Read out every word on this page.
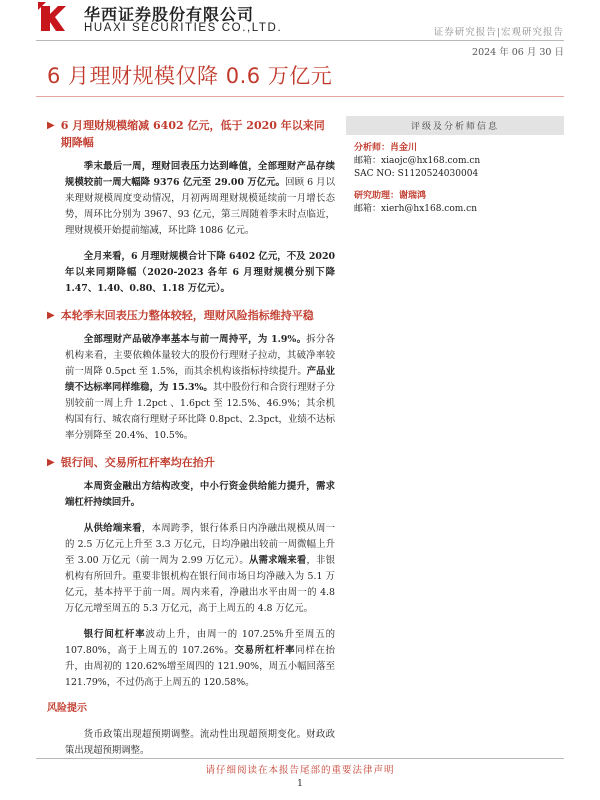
华西证券股份有限公司
HUAXI SECURITIES CO.,LTD.	证券研究报告|宏观研究报告
2024 年 06 月 30 日
6 月理财规模仅降 0.6 万亿元
▶ 6 月理财规模缩减 6402 亿元，低于 2020 年以来同期降幅

季末最后一周，理财回表压力达到峰值，全部理财产品存续规模较前一周大幅降 9376 亿元至 29.00 万亿元。回顾 6 月以来理财规模周度变动情况，月初两周理财规模延续前一月增长态势，周环比分别为 3967、93 亿元，第三周随着季末时点临近，理财规模开始提前缩减，环比降 1086 亿元。

全月来看，6 月理财规模合计下降 6402 亿元，不及 2020 年以来同期降幅（2020-2023 各年 6 月理财规模分别下降 1.47、1.40、0.80、1.18 万亿元）。

▶ 本轮季末回表压力整体较轻，理财风险指标维持平稳

全部理财产品破净率基本与前一周持平，为 1.9%。拆分各机构来看，主要依赖体量较大的股份行理财子拉动，其破净率较前一周降 0.5pct 至 1.5%，而其余机构该指标持续提升。产品业绩不达标率同样维稳，为 15.3%。其中股份行和合资行理财子分别较前一周上升 1.2pct 、1.6pct 至 12.5%、46.9%；其余机构国有行、城农商行理财子环比降 0.8pct、2.3pct，业绩不达标率分别降至 20.4%、10.5%。

▶ 银行间、交易所杠杆率均在抬升

本周资金融出方结构改变，中小行资金供给能力提升，需求端杠杆持续回升。

从供给端来看，本周跨季，银行体系日内净融出规模从周一的 2.5 万亿元上升至 3.3 万亿元，日均净融出较前一周微幅上升至 3.00 万亿元（前一周为 2.99 万亿元）。从需求端来看，非银机构有所回升。重要非银机构在银行间市场日均净融入为 5.1 万亿元，基本持平于前一周。周内来看，净融出水平由周一的 4.8 万亿元增至周五的 5.3 万亿元，高于上周五的 4.8 万亿元。

银行间杠杆率波动上升，由周一的 107.25%升至周五的 107.80%，高于上周五的 107.26%。交易所杠杆率同样在抬升，由周初的 120.62%增至周四的 121.90%，周五小幅回落至 121.79%，不过仍高于上周五的 120.58%。

风险提示

货币政策出现超预期调整。流动性出现超预期变化。财政政策出现超预期调整。

评级及分析师信息
分析师：肖金川
邮箱：xiaojc@hx168.com.cn
SAC NO: S1120524030004
研究助理：谢瑞鸿
邮箱：xierh@hx168.com.cn
请仔细阅读在本报告尾部的重要法律声明
1
